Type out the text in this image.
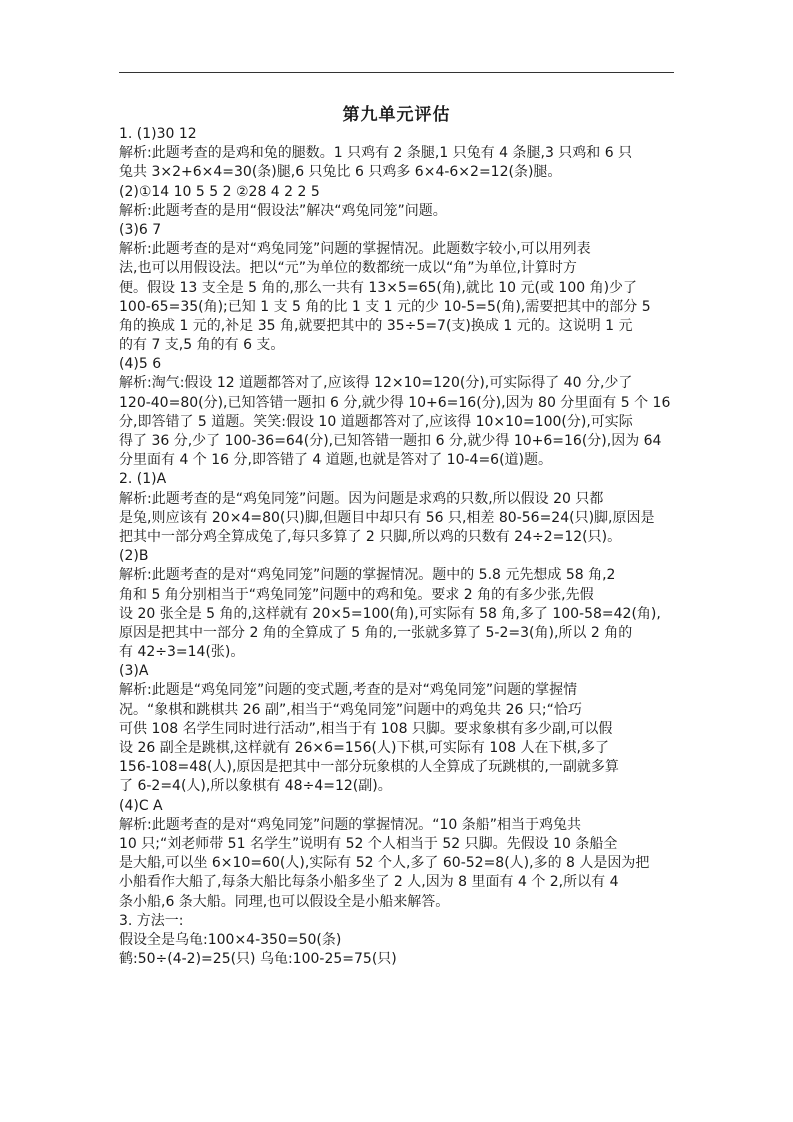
第九单元评估
1. (1)30 12
解析:此题考查的是鸡和兔的腿数。1 只鸡有 2 条腿,1 只兔有 4 条腿,3 只鸡和 6 只
兔共 3×2+6×4=30(条)腿,6 只兔比 6 只鸡多 6×4-6×2=12(条)腿。
(2)①14 10 5 5 2 ②28 4 2 2 5
解析:此题考查的是用“假设法”解决“鸡兔同笼”问题。
(3)6 7
解析:此题考查的是对“鸡兔同笼”问题的掌握情况。此题数字较小,可以用列表
法,也可以用假设法。把以“元”为单位的数都统一成以“角”为单位,计算时方
便。假设 13 支全是 5 角的,那么一共有 13×5=65(角),就比 10 元(或 100 角)少了
100-65=35(角);已知 1 支 5 角的比 1 支 1 元的少 10-5=5(角),需要把其中的部分 5
角的换成 1 元的,补足 35 角,就要把其中的 35÷5=7(支)换成 1 元的。这说明 1 元
的有 7 支,5 角的有 6 支。
(4)5 6
解析:淘气:假设 12 道题都答对了,应该得 12×10=120(分),可实际得了 40 分,少了
120-40=80(分),已知答错一题扣 6 分,就少得 10+6=16(分),因为 80 分里面有 5 个 16
分,即答错了 5 道题。笑笑:假设 10 道题都答对了,应该得 10×10=100(分),可实际
得了 36 分,少了 100-36=64(分),已知答错一题扣 6 分,就少得 10+6=16(分),因为 64
分里面有 4 个 16 分,即答错了 4 道题,也就是答对了 10-4=6(道)题。
2. (1)A
解析:此题考查的是“鸡兔同笼”问题。因为问题是求鸡的只数,所以假设 20 只都
是兔,则应该有 20×4=80(只)脚,但题目中却只有 56 只,相差 80-56=24(只)脚,原因是
把其中一部分鸡全算成兔了,每只多算了 2 只脚,所以鸡的只数有 24÷2=12(只)。
(2)B
解析:此题考查的是对“鸡兔同笼”问题的掌握情况。题中的 5.8 元先想成 58 角,2
角和 5 角分别相当于“鸡兔同笼”问题中的鸡和兔。要求 2 角的有多少张,先假
设 20 张全是 5 角的,这样就有 20×5=100(角),可实际有 58 角,多了 100-58=42(角),
原因是把其中一部分 2 角的全算成了 5 角的,一张就多算了 5-2=3(角),所以 2 角的
有 42÷3=14(张)。
(3)A
解析:此题是“鸡兔同笼”问题的变式题,考查的是对“鸡兔同笼”问题的掌握情
况。“象棋和跳棋共 26 副”,相当于“鸡兔同笼”问题中的鸡兔共 26 只;“恰巧
可供 108 名学生同时进行活动”,相当于有 108 只脚。要求象棋有多少副,可以假
设 26 副全是跳棋,这样就有 26×6=156(人)下棋,可实际有 108 人在下棋,多了
156-108=48(人),原因是把其中一部分玩象棋的人全算成了玩跳棋的,一副就多算
了 6-2=4(人),所以象棋有 48÷4=12(副)。
(4)C A
解析:此题考查的是对“鸡兔同笼”问题的掌握情况。“10 条船”相当于鸡兔共
10 只;“刘老师带 51 名学生”说明有 52 个人相当于 52 只脚。先假设 10 条船全
是大船,可以坐 6×10=60(人),实际有 52 个人,多了 60-52=8(人),多的 8 人是因为把
小船看作大船了,每条大船比每条小船多坐了 2 人,因为 8 里面有 4 个 2,所以有 4
条小船,6 条大船。同理,也可以假设全是小船来解答。
3. 方法一:
假设全是乌龟:100×4-350=50(条)
鹤:50÷(4-2)=25(只) 乌龟:100-25=75(只)
